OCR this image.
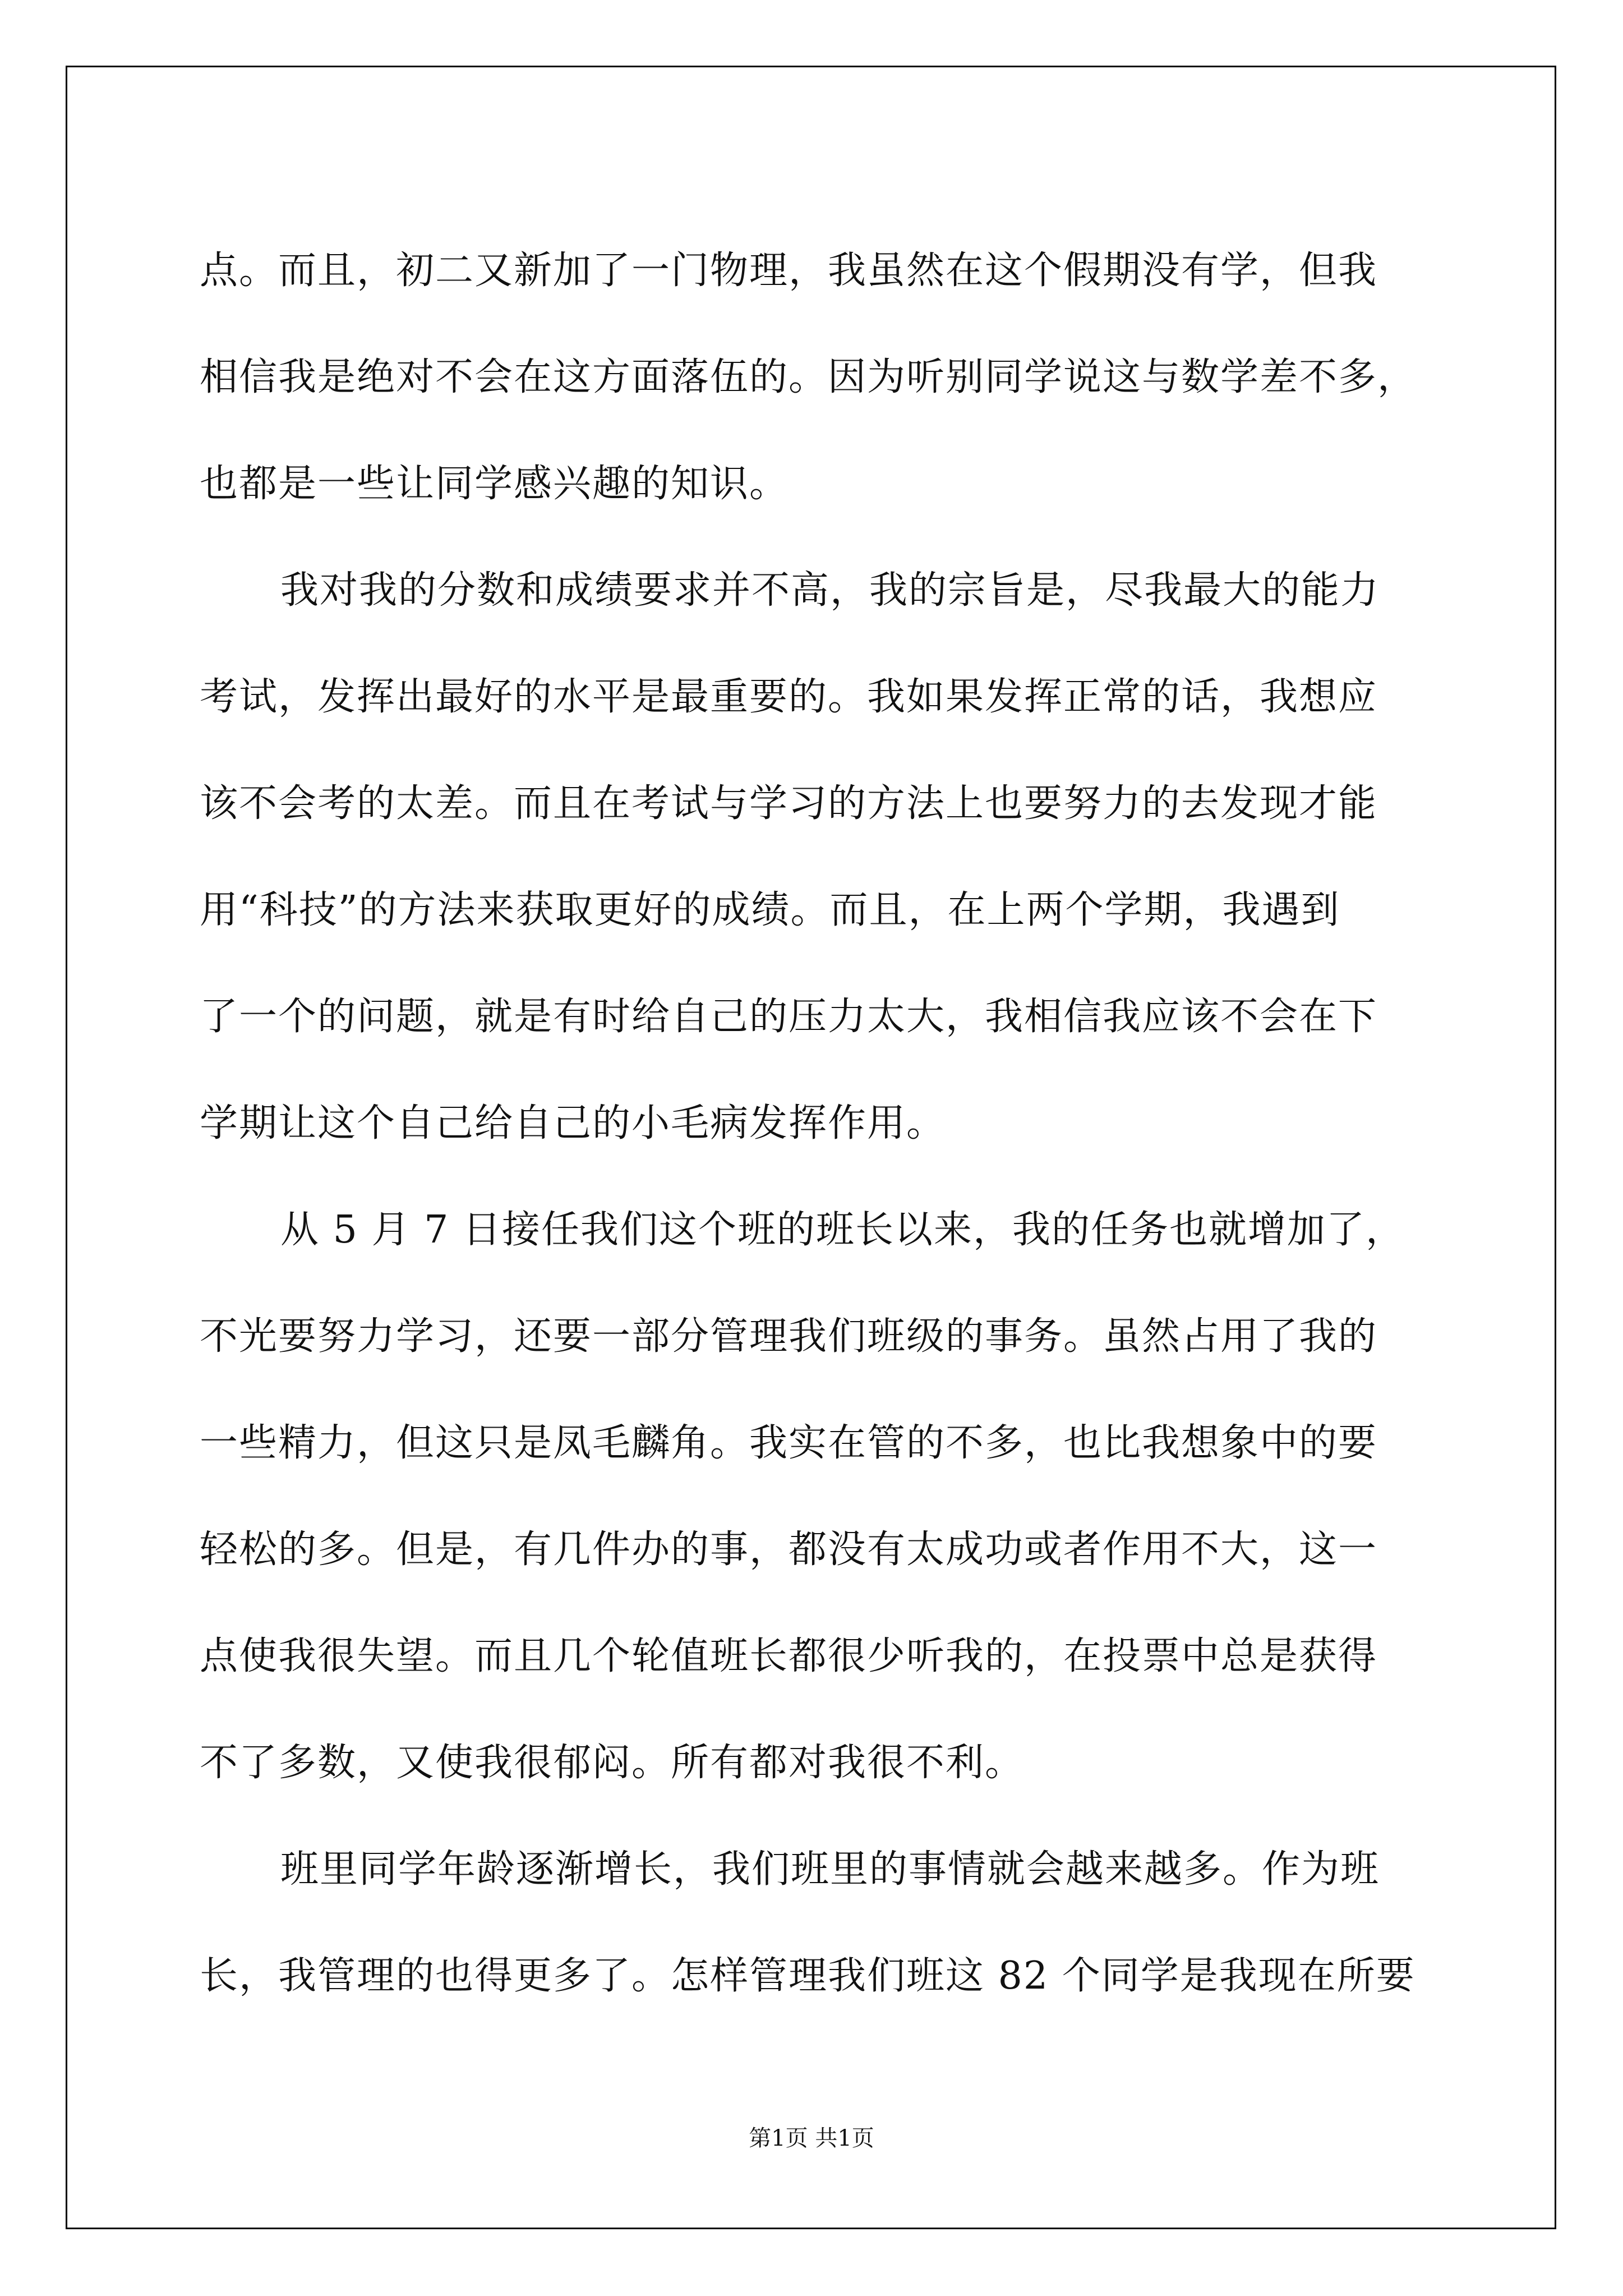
点。而且，初二又新加了一门物理，我虽然在这个假期没有学，但我
相信我是绝对不会在这方面落伍的。因为听别同学说这与数学差不多，
也都是一些让同学感兴趣的知识。
我对我的分数和成绩要求并不高，我的宗旨是，尽我最大的能力
考试，发挥出最好的水平是最重要的。我如果发挥正常的话，我想应
该不会考的太差。而且在考试与学习的方法上也要努力的去发现才能
用“科技”的方法来获取更好的成绩。而且，在上两个学期，我遇到
了一个的问题，就是有时给自己的压力太大，我相信我应该不会在下
学期让这个自己给自己的小毛病发挥作用。
从 5 月 7 日接任我们这个班的班长以来，我的任务也就增加了，
不光要努力学习，还要一部分管理我们班级的事务。虽然占用了我的
一些精力，但这只是凤毛麟角。我实在管的不多，也比我想象中的要
轻松的多。但是，有几件办的事，都没有太成功或者作用不大，这一
点使我很失望。而且几个轮值班长都很少听我的，在投票中总是获得
不了多数，又使我很郁闷。所有都对我很不利。
班里同学年龄逐渐增长，我们班里的事情就会越来越多。作为班
长，我管理的也得更多了。怎样管理我们班这 82 个同学是我现在所要
第1页 共1页
